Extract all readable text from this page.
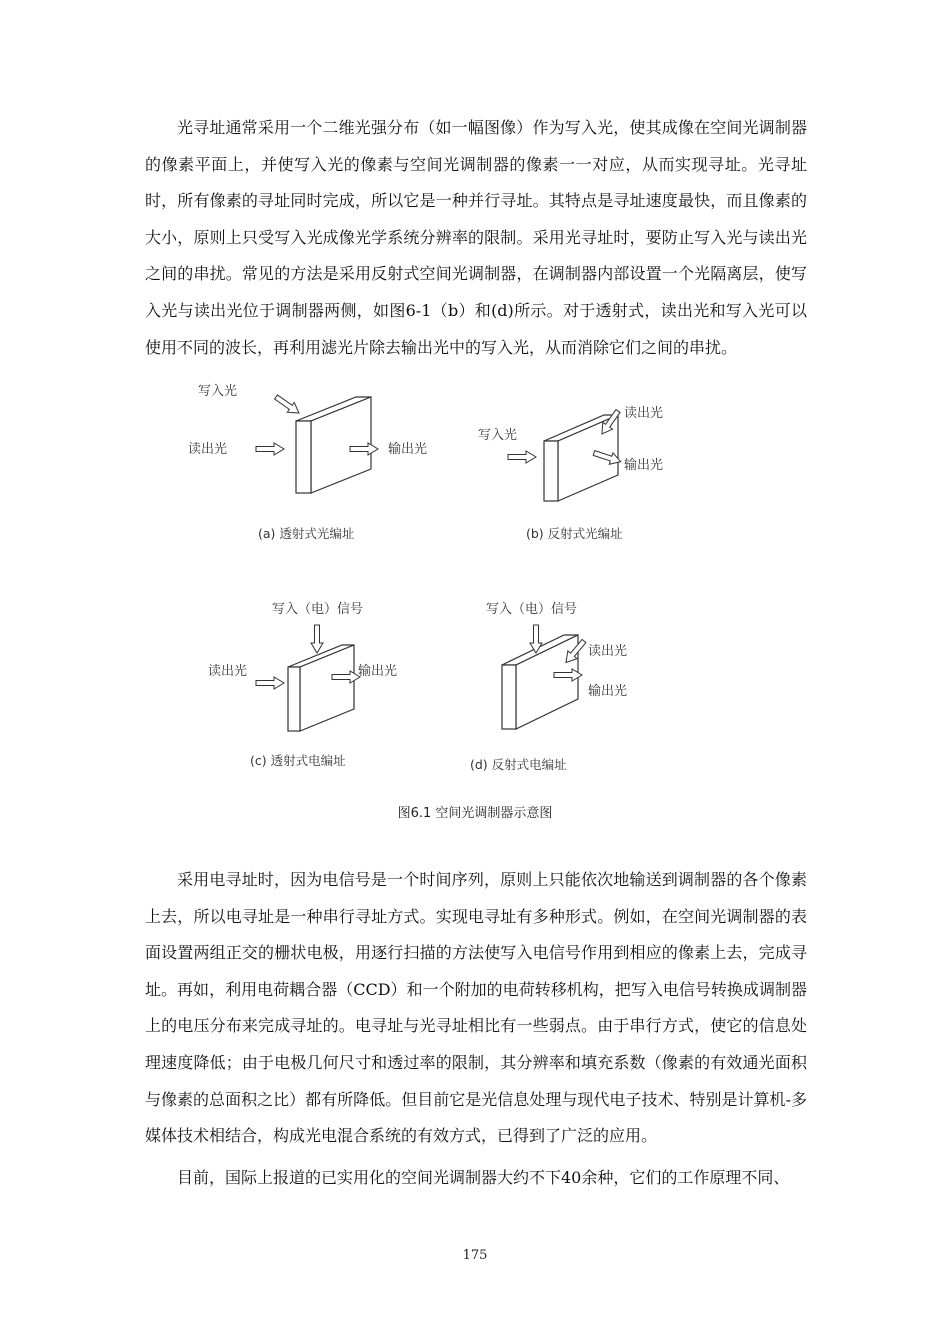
光寻址通常采用一个二维光强分布（如一幅图像）作为写入光，使其成像在空间光调制器的像素平面上，并使写入光的像素与空间光调制器的像素一一对应，从而实现寻址。光寻址时，所有像素的寻址同时完成，所以它是一种并行寻址。其特点是寻址速度最快，而且像素的大小，原则上只受写入光成像光学系统分辨率的限制。采用光寻址时，要防止写入光与读出光之间的串扰。常见的方法是采用反射式空间光调制器，在调制器内部设置一个光隔离层，使写入光与读出光位于调制器两侧，如图6-1（b）和(d)所示。对于透射式，读出光和写入光可以使用不同的波长，再利用滤光片除去输出光中的写入光，从而消除它们之间的串扰。

写入光
读出光	输出光
(a) 透射式光编址
写入光
读出光
输出光
(b) 反射式光编址
写入（电）信号
读出光	输出光
(c) 透射式电编址
写入（电）信号
读出光
输出光
(d) 反射式电编址
图6.1 空间光调制器示意图

采用电寻址时，因为电信号是一个时间序列，原则上只能依次地输送到调制器的各个像素上去，所以电寻址是一种串行寻址方式。实现电寻址有多种形式。例如，在空间光调制器的表面设置两组正交的栅状电极，用逐行扫描的方法使写入电信号作用到相应的像素上去，完成寻址。再如，利用电荷耦合器（CCD）和一个附加的电荷转移机构，把写入电信号转换成调制器上的电压分布来完成寻址的。电寻址与光寻址相比有一些弱点。由于串行方式，使它的信息处理速度降低；由于电极几何尺寸和透过率的限制，其分辨率和填充系数（像素的有效通光面积与像素的总面积之比）都有所降低。但目前它是光信息处理与现代电子技术、特别是计算机-多媒体技术相结合，构成光电混合系统的有效方式，已得到了广泛的应用。

目前，国际上报道的已实用化的空间光调制器大约不下40余种，它们的工作原理不同、

175
